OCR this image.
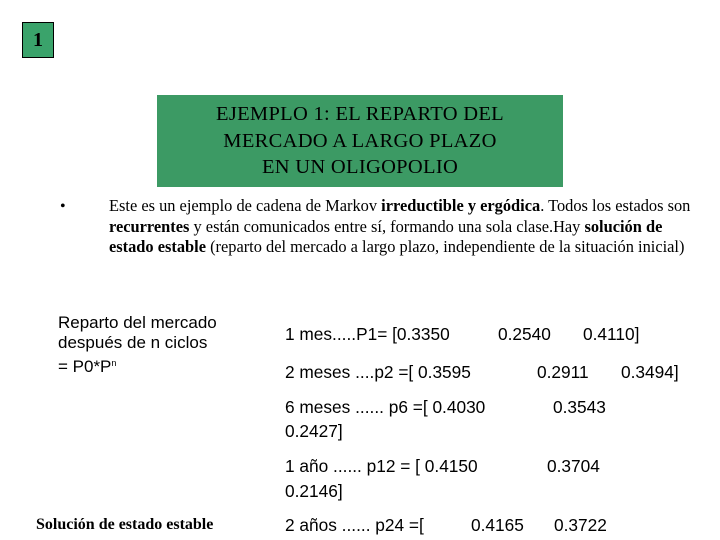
1
EJEMPLO 1: EL REPARTO DEL
MERCADO A LARGO PLAZO
EN UN OLIGOPOLIO
•	Este es un ejemplo de cadena de Markov irreductible y ergódica. Todos los estados son recurrentes y están comunicados entre sí, formando una sola clase.Hay solución de estado estable (reparto del mercado a largo plazo, independiente de la situación inicial)
Reparto del mercado
después de n ciclos
= $P0*P^n$
1 mes.....P1= [0.3350	0.2540 0.4110]
2 meses ....p2 =[ 0.3595	0.2911 0.3494]
6 meses ...... p6 =[ 0.4030	0.3543
0.2427]
1 año ...... p12 = [ 0.4150	0.3704
0.2146]
2 años ...... p24 =[	0.4165 0.3722
Solución de estado estable
